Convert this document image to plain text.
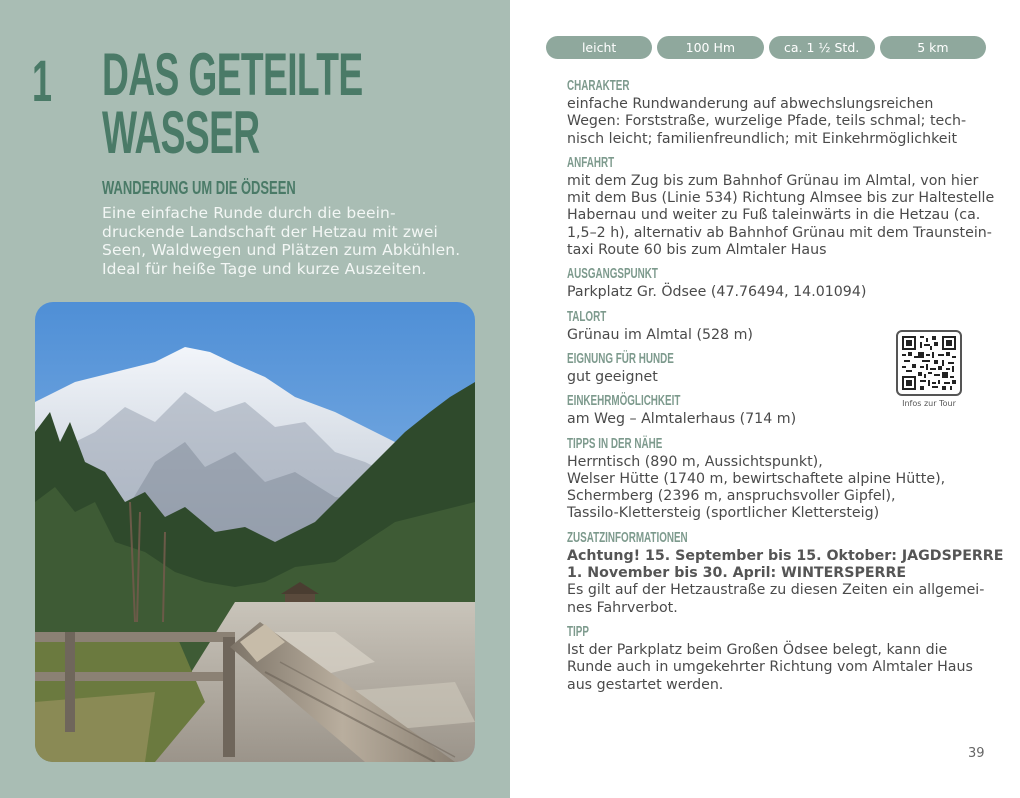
1 DAS GETEILTE
WASSER
WANDERUNG UM DIE ÖDSEEN
Eine einfache Runde durch die beein-
druckende Landschaft der Hetzau mit zwei
Seen, Waldwegen und Plätzen zum Abkühlen.
Ideal für heiße Tage und kurze Auszeiten.
leicht	100 Hm	ca. 1 ½ Std.	5 km
CHARAKTER
einfache Rundwanderung auf abwechslungsreichen
Wegen: Forststraße, wurzelige Pfade, teils schmal; tech-
nisch leicht; familienfreundlich; mit Einkehrmöglichkeit
ANFAHRT
mit dem Zug bis zum Bahnhof Grünau im Almtal, von hier
mit dem Bus (Linie 534) Richtung Almsee bis zur Haltestelle
Habernau und weiter zu Fuß taleinwärts in die Hetzau (ca.
1,5–2 h), alternativ ab Bahnhof Grünau mit dem Traunstein-
taxi Route 60 bis zum Almtaler Haus
AUSGANGSPUNKT
Parkplatz Gr. Ödsee (47.76494, 14.01094)
TALORT
Grünau im Almtal (528 m)
EIGNUNG FÜR HUNDE
gut geeignet
EINKEHRMÖGLICHKEIT
am Weg – Almtalerhaus (714 m)
TIPPS IN DER NÄHE
Herrntisch (890 m, Aussichtspunkt),
Welser Hütte (1740 m, bewirtschaftete alpine Hütte),
Schermberg (2396 m, anspruchsvoller Gipfel),
Tassilo-Klettersteig (sportlicher Klettersteig)
ZUSATZINFORMATIONEN
Achtung! 15. September bis 15. Oktober: JAGDSPERRE
1. November bis 30. April: WINTERSPERRE
Es gilt auf der Hetzaustraße zu diesen Zeiten ein allgemei-
nes Fahrverbot.
TIPP
Ist der Parkplatz beim Großen Ödsee belegt, kann die
Runde auch in umgekehrter Richtung vom Almtaler Haus
aus gestartet werden.
Infos zur Tour
39
